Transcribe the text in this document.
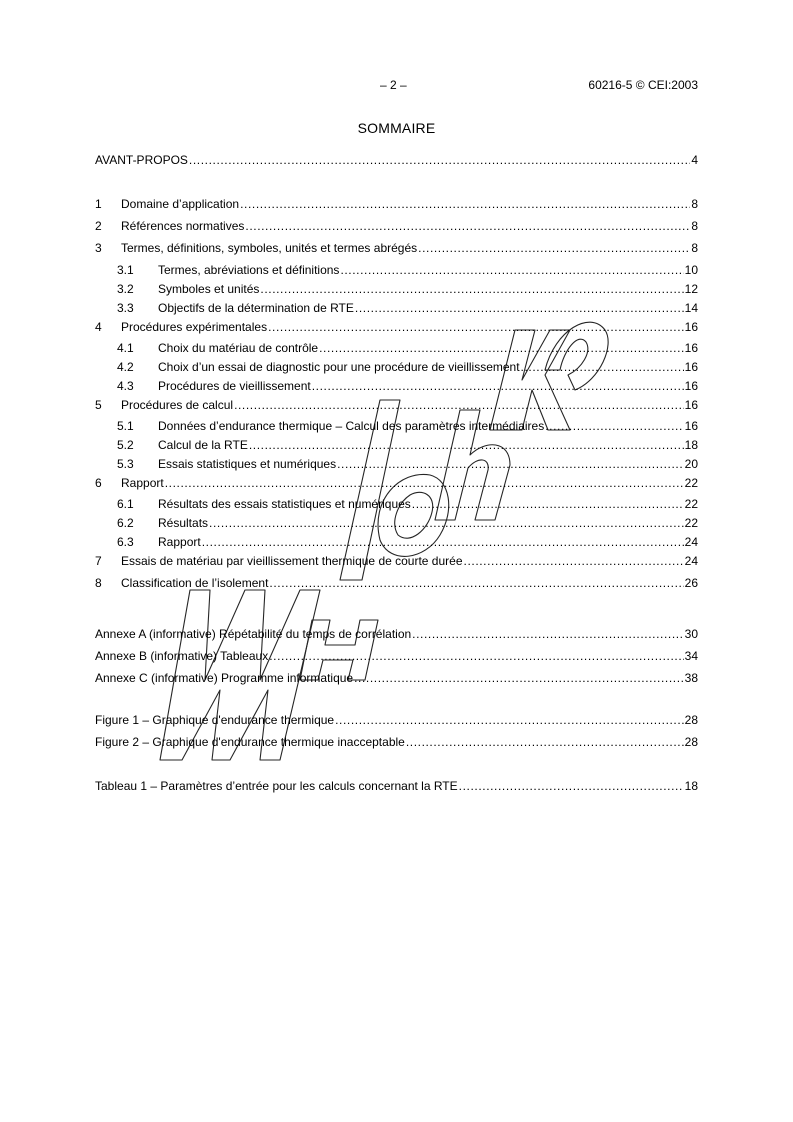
– 2 –	60216-5 © CEI:2003
SOMMAIRE
AVANT-PROPOS .....	4
1	Domaine d’application .....	8
2	Références normatives .....	8
3	Termes, définitions, symboles, unités et termes abrégés .....	8
3.1	Termes, abréviations et définitions .....	10
3.2	Symboles et unités .....	12
3.3	Objectifs de la détermination de RTE .....	14
4	Procédures expérimentales .....	16
4.1	Choix du matériau de contrôle .....	16
4.2	Choix d’un essai de diagnostic pour une procédure de vieillissement .....	16
4.3	Procédures de vieillissement .....	16
5	Procédures de calcul .....	16
5.1	Données d’endurance thermique – Calcul des paramètres intermédiaires .....	16
5.2	Calcul de la RTE .....	18
5.3	Essais statistiques et numériques .....	20
6	Rapport .....	22
6.1	Résultats des essais statistiques et numériques .....	22
6.2	Résultats .....	22
6.3	Rapport .....	24
7	Essais de matériau par vieillissement thermique de courte durée .....	24
8	Classification de l’isolement .....	26
Annexe A (informative) Répétabilité du temps de corrélation .....	30
Annexe B (informative) Tableaux .....	34
Annexe C (informative) Programme informatique .....	38
Figure 1 – Graphique d'endurance thermique .....	28
Figure 2 – Graphique d'endurance thermique inacceptable .....	28
Tableau 1 – Paramètres d’entrée pour les calculs concernant la RTE .....	18
